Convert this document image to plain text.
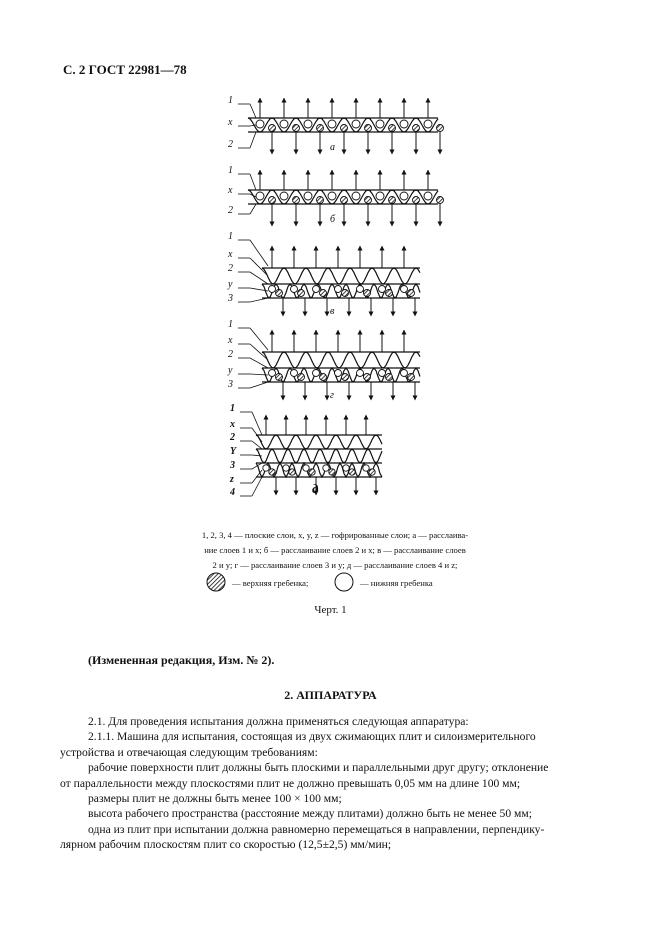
С. 2 ГОСТ 22981—78
1
x
2	а
1
x
2
б
1
x
2
y
3
в
1
x
2
y
3
г
1
x
2
Y
3
z
4	д
1, 2, 3, 4 — плоские слои, x, y, z — гофрированные слои; а — расслаива-
ние слоев 1 и x; б — расслаивание слоев 2 и x; в — расслаивание слоев
2 и y; г — расслаивание слоев 3 и y; д — расслаивание слоев 4 и z;
— верхняя гребенка;	— нижняя гребенка
Черт. 1
(Измененная редакция, Изм. № 2).
2. АППАРАТУРА

2.1. Для проведения испытания должна применяться следующая аппаратура:

2.1.1. Машина для испытания, состоящая из двух сжимающих плит и силоизмерительного

устройства и отвечающая следующим требованиям:

рабочие поверхности плит должны быть плоскими и параллельными друг другу; отклонение

от параллельности между плоскостями плит не должно превышать 0,05 мм на длине 100 мм;

размеры плит не должны быть менее 100 × 100 мм;

высота рабочего пространства (расстояние между плитами) должно быть не менее 50 мм;

одна из плит при испытании должна равномерно перемещаться в направлении, перпендику-

лярном рабочим плоскостям плит со скоростью (12,5±2,5) мм/мин;
